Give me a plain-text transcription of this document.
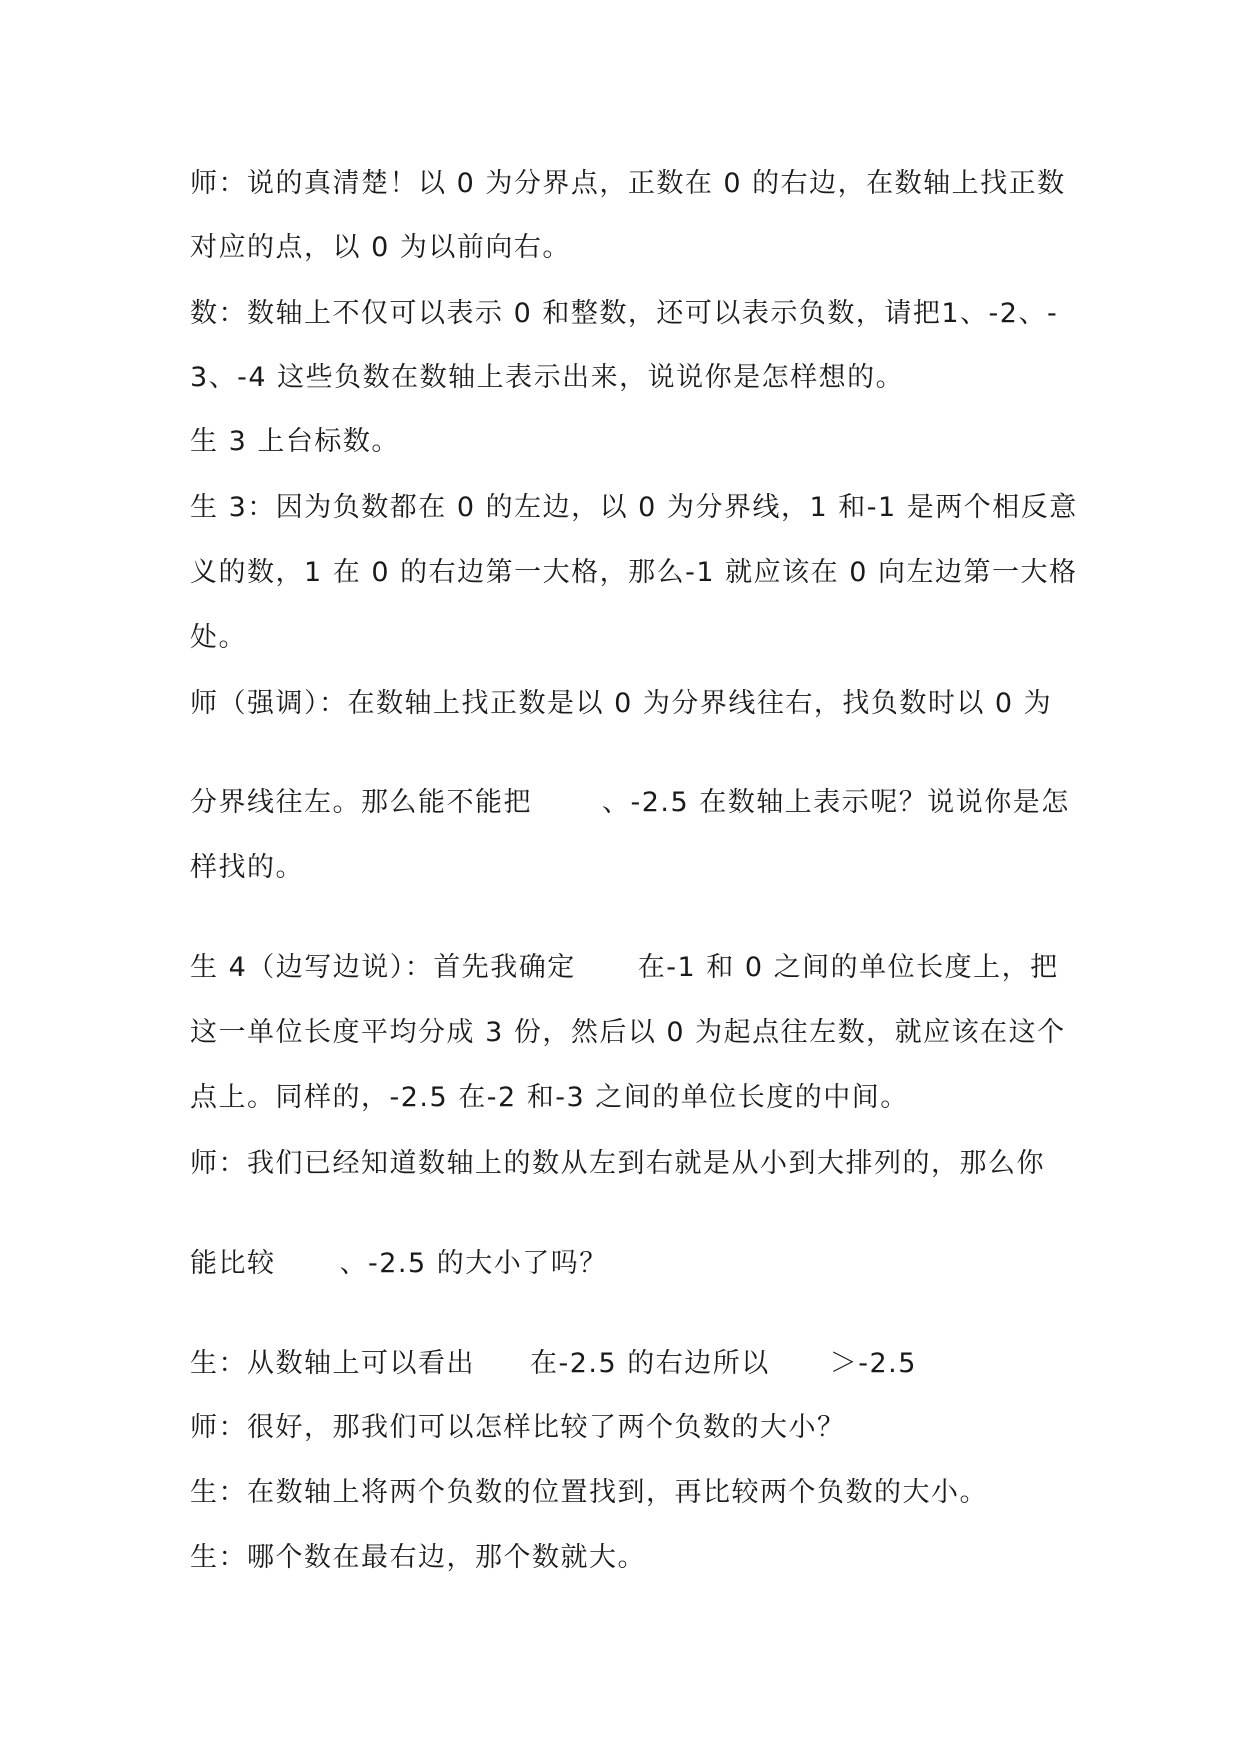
师：说的真清楚！以 0 为分界点，正数在 0 的右边，在数轴上找正数
对应的点，以 0 为以前向右。
数：数轴上不仅可以表示 0 和整数，还可以表示负数，请把1、-2、-
3、-4 这些负数在数轴上表示出来，说说你是怎样想的。
生 3 上台标数。
生 3：因为负数都在 0 的左边，以 0 为分界线，1 和-1 是两个相反意
义的数，1 在 0 的右边第一大格，那么-1 就应该在 0 向左边第一大格
处。
师（强调）：在数轴上找正数是以 0 为分界线往右，找负数时以 0 为
分界线往左。那么能不能把	、-2.5 在数轴上表示呢？说说你是怎
样找的。
生 4（边写边说）：首先我确定 在-1 和 0 之间的单位长度上，把
这一单位长度平均分成 3 份，然后以 0 为起点往左数，就应该在这个
点上。同样的，-2.5 在-2 和-3 之间的单位长度的中间。
师：我们已经知道数轴上的数从左到右就是从小到大排列的，那么你
能比较 、-2.5 的大小了吗？
生：从数轴上可以看出 在-2.5 的右边所以 ＞-2.5
师：很好，那我们可以怎样比较了两个负数的大小？
生：在数轴上将两个负数的位置找到，再比较两个负数的大小。
生：哪个数在最右边，那个数就大。
